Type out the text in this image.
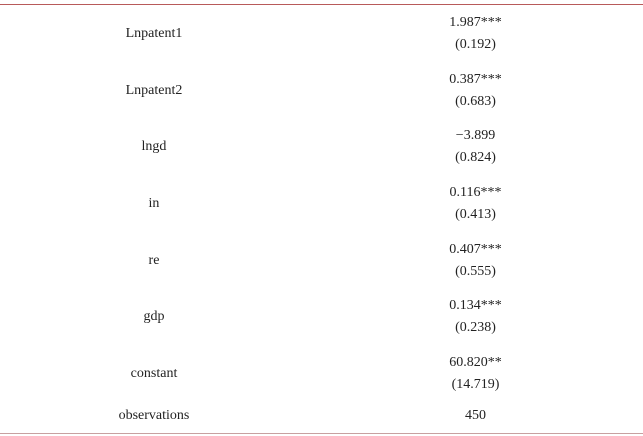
Lnpatent1	1.987***
(0.192)

Lnpatent2	0.387***
(0.683)

lngd	−3.899
(0.824)

in	0.116***
(0.413)

re	0.407***
(0.555)

gdp	0.134***
(0.238)

constant	60.820**
(14.719)

observations	450
